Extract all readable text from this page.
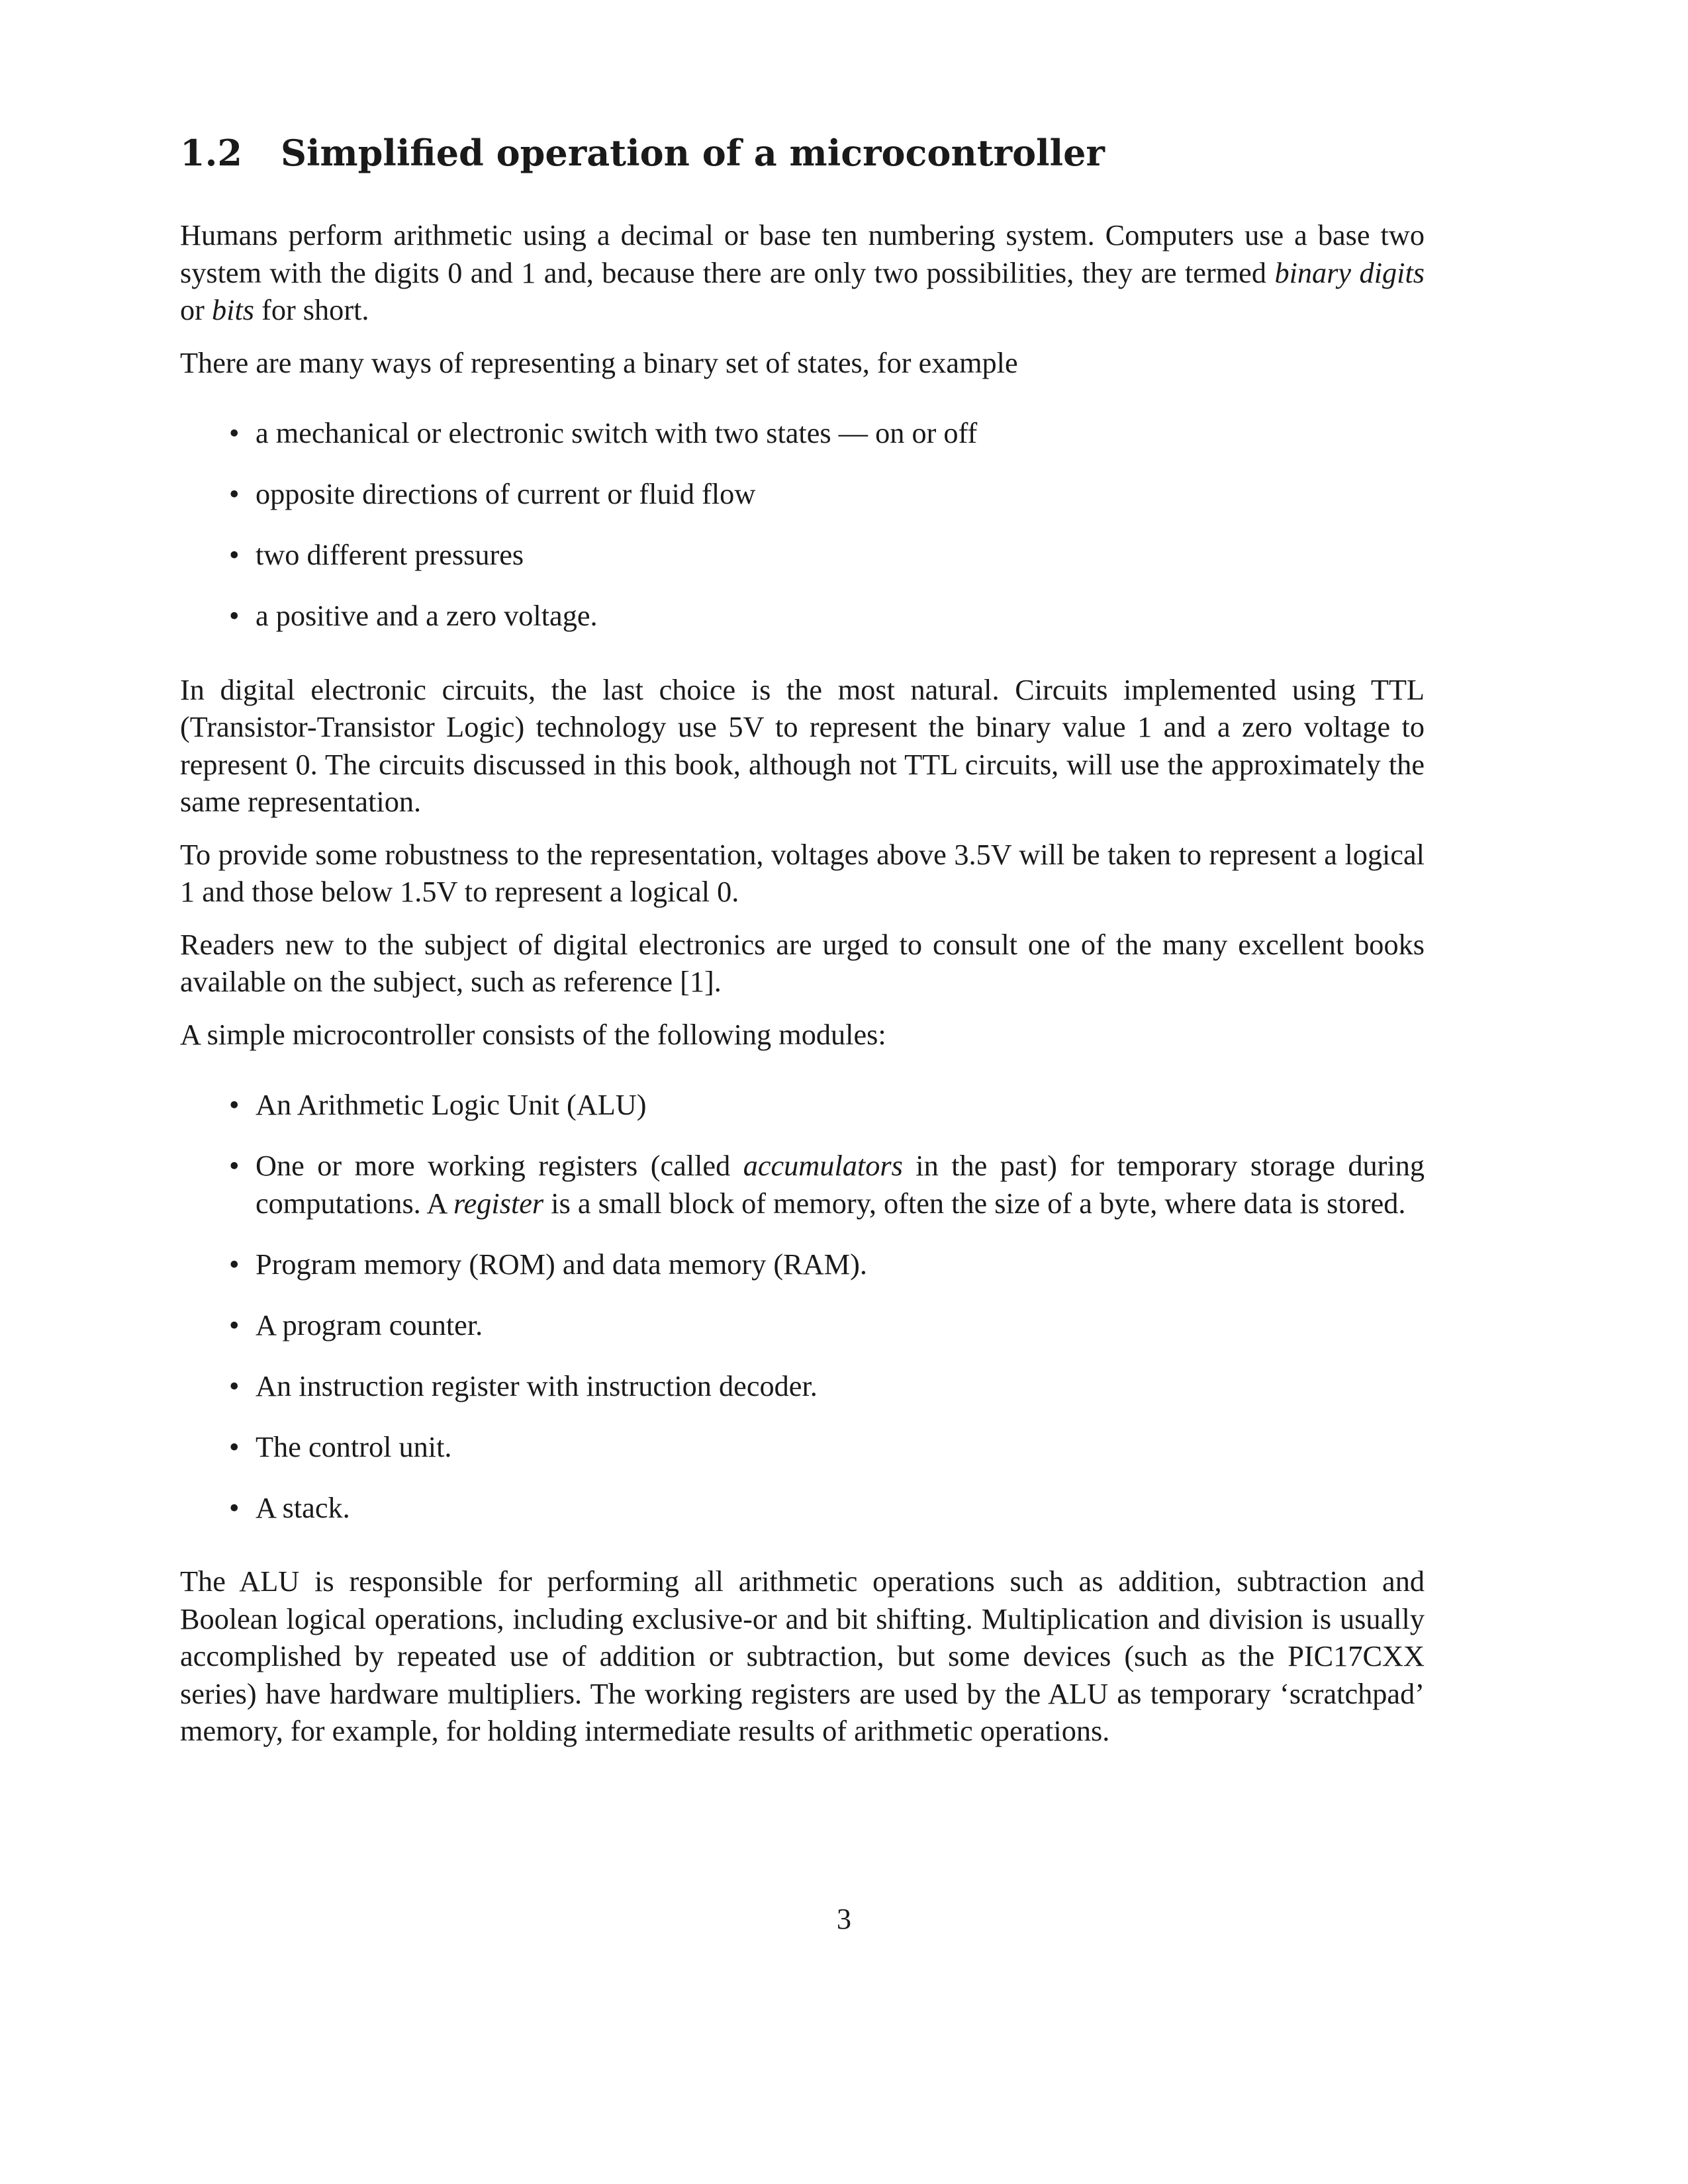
1.2 Simplified operation of a microcontroller

Humans perform arithmetic using a decimal or base ten numbering system. Computers use a base two system with the digits 0 and 1 and, because there are only two possibilities, they are termed binary digits or bits for short.

There are many ways of representing a binary set of states, for example

• a mechanical or electronic switch with two states — on or off
• opposite directions of current or fluid flow
• two different pressures
• a positive and a zero voltage.

In digital electronic circuits, the last choice is the most natural. Circuits implemented using TTL (Transistor-Transistor Logic) technology use 5V to represent the binary value 1 and a zero voltage to represent 0. The circuits discussed in this book, although not TTL circuits, will use the approximately the same representation.

To provide some robustness to the representation, voltages above 3.5V will be taken to represent a logical 1 and those below 1.5V to represent a logical 0.

Readers new to the subject of digital electronics are urged to consult one of the many excellent books available on the subject, such as reference [1].

A simple microcontroller consists of the following modules:

• An Arithmetic Logic Unit (ALU)
• One or more working registers (called accumulators in the past) for temporary storage during computations. A register is a small block of memory, often the size of a byte, where data is stored.
• Program memory (ROM) and data memory (RAM).
• A program counter.
• An instruction register with instruction decoder.
• The control unit.
• A stack.

The ALU is responsible for performing all arithmetic operations such as addition, subtraction and Boolean logical operations, including exclusive-or and bit shifting. Multiplication and division is usually accomplished by repeated use of addition or subtraction, but some devices (such as the PIC17CXX series) have hardware multipliers. The working registers are used by the ALU as temporary ‘scratchpad’ memory, for example, for holding intermediate results of arithmetic operations.

3
